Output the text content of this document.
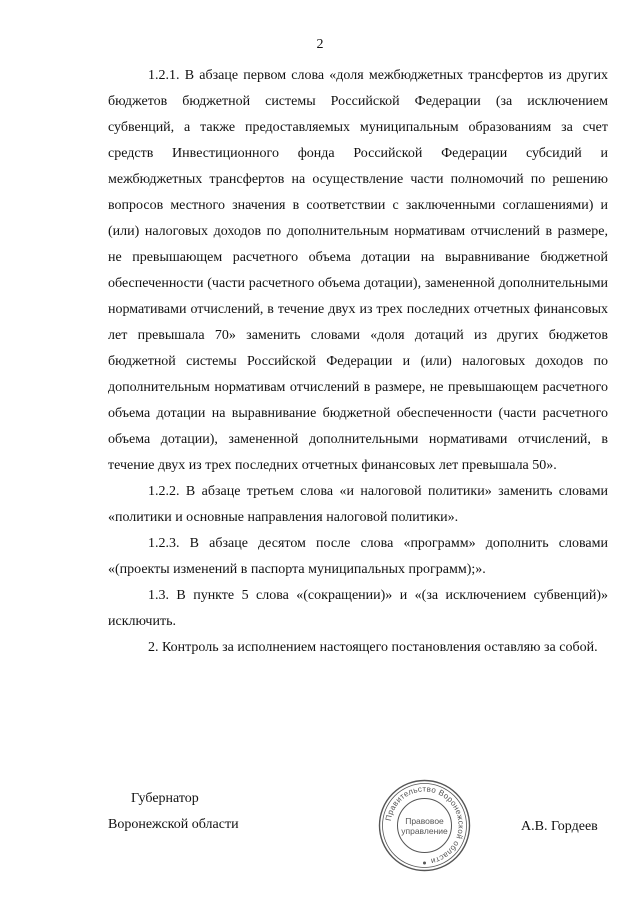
2

1.2.1. В абзаце первом слова «доля межбюджетных трансфертов из других бюджетов бюджетной системы Российской Федерации (за исключением субвенций, а также предоставляемых муниципальным образованиям за счет средств Инвестиционного фонда Российской Федерации субсидий и межбюджетных трансфертов на осуществление части полномочий по решению вопросов местного значения в соответствии с заключенными соглашениями) и (или) налоговых доходов по дополнительным нормативам отчислений в размере, не превышающем расчетного объема дотации на выравнивание бюджетной обеспеченности (части расчетного объема дотации), замененной дополнительными нормативами отчислений, в течение двух из трех последних отчетных финансовых лет превышала 70» заменить словами «доля дотаций из других бюджетов бюджетной системы Российской Федерации и (или) налоговых доходов по дополнительным нормативам отчислений в размере, не превышающем расчетного объема дотации на выравнивание бюджетной обеспеченности (части расчетного объема дотации), замененной дополнительными нормативами отчислений, в течение двух из трех последних отчетных финансовых лет превышала 50».

1.2.2. В абзаце третьем слова «и налоговой политики» заменить словами «политики и основные направления налоговой политики».

1.2.3. В абзаце десятом после слова «программ» дополнить словами «(проекты изменений в паспорта муниципальных программ);».

1.3. В пункте 5 слова «(сокращении)» и «(за исключением субвенций)» исключить.

2. Контроль за исполнением настоящего постановления оставляю за собой.

Губернатор
Воронежской области	А.В. Гордеев
Правительство Воронежской области
Правовое
управление
